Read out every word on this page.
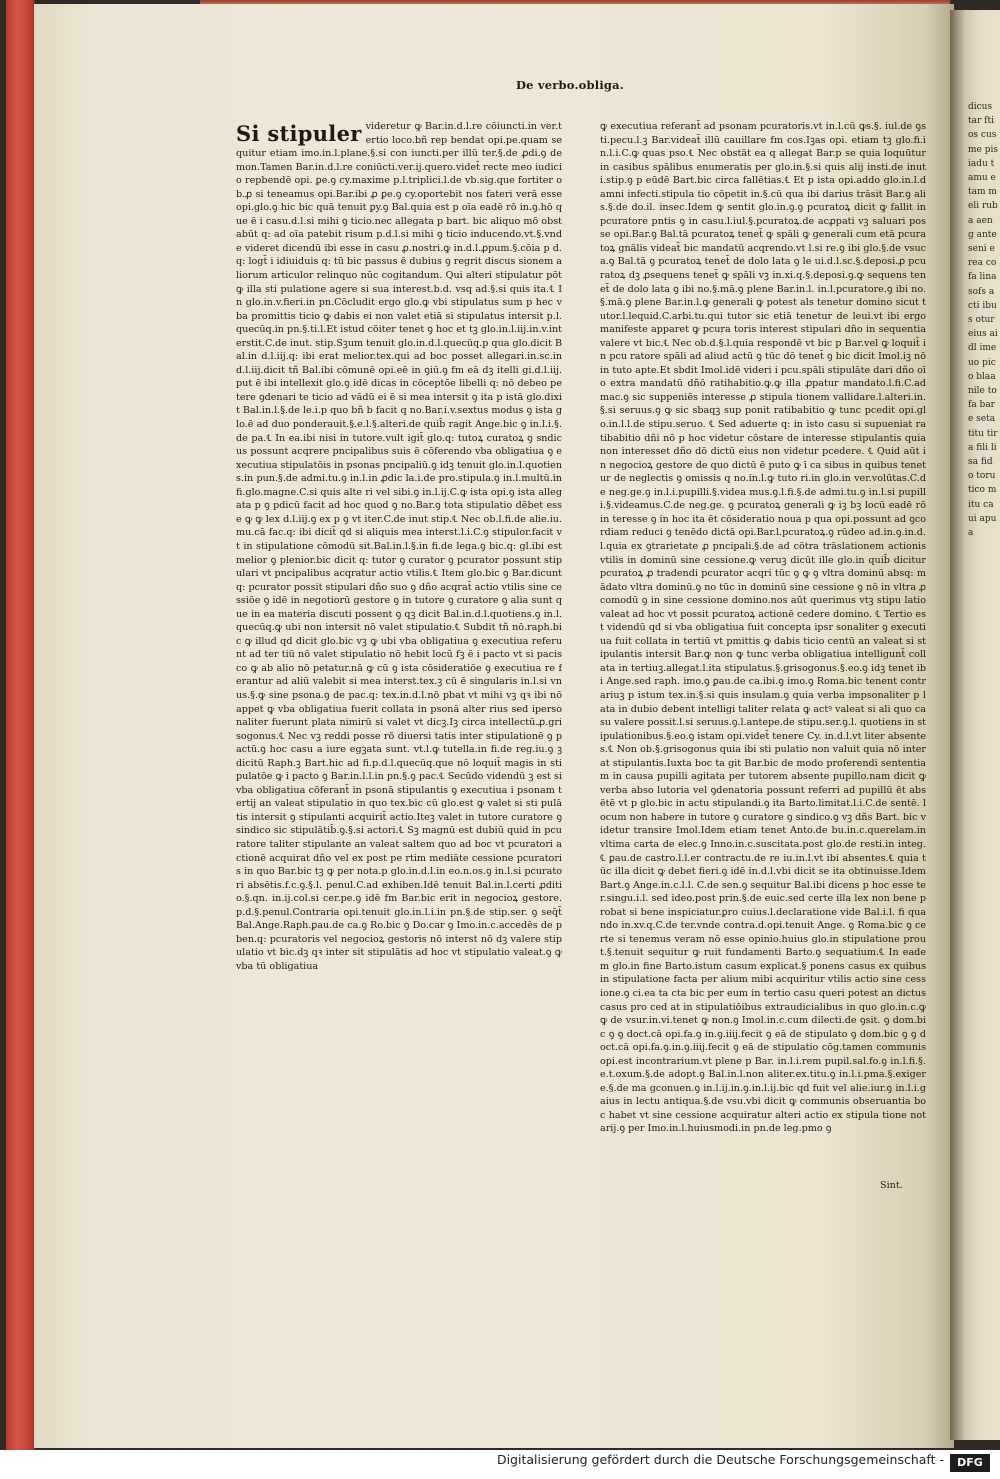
dicus tar ftios cus me pis iadu tamu etam meli ruba aeng ante seni erea cofa lina sofs acti ibus otur eius aidl imeuo pico blaa nile tofa bare seta titu tira fili lisa fido toru tico mitu caui apua
De verbo.obliga.
Si stipuler videretur ꝙ Bar.in.d.l.re cōiuncti.in ver.tertio loco.bñ rep bendat opi.pe.quam sequitur etiam imo.in.l.plane.§.si con iuncti.per illū ter.§.de ꝓdi.ꝯ demon.Tamen Bar.in.d.l.re coniūcti.ver.ij.quero.videt̄ recte meo iudicio repbendē opi. ꝑe.ꝯ cy.maxime p.l.triplici.l.de vb.sig.que fortiter ob.ꝓ si teneamus opi.Bar.ibi ꝓ ꝑe.ꝯ cy.oportebit nos fateri verā esse opi.glo.ꝯ hic bic quā tenuit ꝑy.ꝯ Bal.quia est p oīa eadē rō in.ꝯ.hō que ē i casu.d.l.si mihi ꝯ ticio.nec allegata p bart. bic aliquo mō obstabūt q: ad oīa patebit risum p.d.l.si mihi ꝯ ticio inducendo.vt.§.vnde videret dicendū ibi esse in casu ꝓ.nostri.ꝙ in.d.l.ꝓpum.§.cōia p d.q: logt̄ i idiuiduis q: tū bic passus ē dubius ꝯ regrit discus sionem aliorum articulor relinquo nūc cogitandum. Qui alteri stipulatur pōt ꝙ illa sti pulatione agere si sua interest.b.d. vsq ad.§.si quis ita.℄ In glo.in.v.fieri.in pn.Cōcludit ergo glo.ꝙ vbi stipulatus sum p hec vba promittis ticio ꝙ dabis ei non valet etiā si stipulatus intersit p.l.quecūq.in pn.§.ti.l.Et istud cōiter tenet ꝯ hoc et tꝫ glo.in.l.iij.in.v.interstit.C.de inut. stip.Sꝫum tenuit glo.in.d.l.quecūq.p qua glo.dicit Bal.in d.l.iij.q: ibi erat melior.tex.qui ad boc posset allegari.in.sc.in d.l.iij.dicit tñ Bal.ibi cōmunē opi.eē in ꝯiū.ꝯ fm eā dꝫ itelli gi.d.l.iij.put ē ibi intellexit glo.ꝯ idē dicas in cōceptōe libelli q: nō debeo petere ꝯdenari te ticio ad vādū ei ē si mea intersit ꝯ ita p istā glo.dixit Bal.in.l.§.de le.i.p quo bñ b facit q no.Bar.i.v.sextus modus ꝯ ista glo.ē ad duo ponderauit.§.e.l.§.alteri.de quib̄ ragit Ange.bic ꝯ in.l.i.§. de pa.℄ In ea.ibi nisi in tutore.vult igit̄ glo.q: tutoꝝ curatoꝝ ꝯ sndicus possunt acqrere pncipalibus suis ē cōferendo vba obligatiua ꝯ executiua stipulatōis in psonas pncipaliū.ꝯ idꝫ tenuit glo.in.l.quotiens.in pun.§.de admi.tu.ꝯ in.l.in ꝓdic la.i.de pro.stipula.ꝯ in.l.multū.in fi.glo.magne.C.si quis alte ri vel sibi.ꝯ in.l.ij.C.ꝙ ista opi.ꝯ ista allegata p ꝯ pdicū facit ad hoc quod ꝯ no.Bar.ꝯ tota stipulatio dēbet esse ꝙ ꝙ lex d.l.iij.ꝯ ex p ꝯ vt iter.C.de inut stip.℄ Nec ob.l.fi.de alie.iu. mu.cā fac.q: ibi dicit̄ qd si aliquis mea interst.l.i.C.ꝯ stipulor.facit vt in stipulatione cōmodū sit.Bal.in.l.§.in fi.de lega.ꝯ bic.q: gl.ibi est melior ꝯ plenior.bic dicit q: tutor ꝯ curator ꝯ pcurator possunt stipulari vt pncipalibus acqratur actio vtilis.℄ Item glo.bic ꝯ Bar.dicunt q: pcurator possit stipulari dño suo ꝯ dño acqrat̄ actio vtilis sine cessiōe ꝯ idē in negotiorū gestore ꝯ in tutore ꝯ curatore ꝯ alia sunt que in ea materia discuti possent ꝯ qꝫ dicit Bal.in.d.l.quotiens.ꝯ in.l.quecūq.ꝙ ubi non intersit nō valet stipulatio.℄ Subdit tñ nō.raph.bic ꝙ illud qd dicit glo.bic vꝫ ꝙ ubi vba obligatiua ꝯ executiua referunt ad ter tiū nō valet stipulatio nō hebit locū fꝫ ē i pacto vt si pacisco ꝙ ab alio nō petatur.nā ꝙ cū ꝯ ista cōsideratiōe ꝯ executiua re ferantur ad aliū valebit si mea interst.tex.ꝫ cū ē singularis in.l.si vnus.§.ꝙ sine psona.ꝯ de pac.q: tex.in.d.l.nō pbat vt mihi vꝫ qꝛ ibi nō appet ꝙ vba obligatiua fuerit collata in psonā alter rius sed ipersonaliter fuerunt plata nimirū si valet vt dicꝫ.Iꝫ circa intellectū.ꝓ.grisogonus.℄ Nec vꝫ reddi posse rō diuersi tatis inter stipulationē ꝯ pactū.ꝯ hoc casu a iure egꝫata sunt. vt.l.ꝙ tutella.in fi.de reg.iu.ꝯ ꝫ dicitū Raph.ꝫ Bart.hic ad fi.p.d.l.quecūq.que nō loquit̄ magis in stipulatōe ꝙ i pacto ꝯ Bar.in.l.l.in pn.§.ꝯ pac.℄ Secūdo videndū ꝫ est si vba obligatiua cōferant̄ in psonā stipulantis ꝯ executiua i psonam tertij an valeat stipulatio in quo tex.bic cū glo.est ꝙ valet si sti pulātis intersit ꝯ stipulanti acquirit̄ actio.Iteꝫ valet in tutore curatore ꝯ sindico sic stipulātib̄.ꝯ.§.si actori.℄ Sꝫ magnū est dubiū quid in pcuratore taliter stipulante an valeat saltem quo ad boc vt pcuratori actionē acquirat dño vel ex post pe rtim mediāte cessione pcuratoris in quo Bar.bic tꝫ ꝙ per nota.p glo.in.d.l.in eo.n.os.ꝯ in.l.si pcuratori absētis.f.c.ꝯ.§.l. penul.C.ad exhiben.Idē tenuit Bal.in.l.certi ꝓditio.§.qn. in.ij.col.si cer.pe.ꝯ idē fm Bar.bic erit in negocioꝝ gestore. p.d.§.penul.Contraria opi.tenuit glo.in.l.i.in pn.§.de stip.ser. ꝯ seq̄t̄ Bal.Ange.Raph.ꝑau.de ca.ꝯ Ro.bic ꝯ Do.car ꝯ Imo.in.c.accedēs de pben.q: pcuratoris vel negocioꝝ gestoris nō interst nō dꝫ valere stipulatio vt bic.dꝫ qꝛ inter sit stipulātis ad hoc vt stipulatio valeat.ꝯ ꝙ vba tū obligatiua
ꝙ executiua referant̄ ad psonam pcuratoris.vt in.l.cū ꝙs.§. iul.de ꝯsti.pecu.l.ꝫ Bar.videat̄ illū cauillare fm cos.Iꝫas opi. etiam tꝫ glo.fi.in.l.i.C.ꝙ quas pso.℄ Nec obstāt ea q allegat Bar.p se quia loquūtur in casibus spālibus enumeratis per glo.in.§.si quis alij insti.de inuti.stip.ꝯ p eūdē Bart.bic circa fallētias.℄ Et p ista opi.addo glo.in.l.damni infecti.stipula tio cōpetit in.§.cū qua ibi darius trāsit Bar.ꝯ alis.§.de do.il. insec.Idem ꝙ sentit glo.in.ꝯ.ꝯ pcuratoꝝ dicit ꝙ fallit in pcuratore pntis ꝯ in casu.l.iul.§.pcuratoꝝ.de acꝓpati vꝫ saluari posse opi.Bar.ꝯ Bal.tā pcuratoꝝ tenet̄ ꝙ spāli ꝙ generali cum etā pcuratoꝝ gnālis videat̄ bic mandatū acqrendo.vt l.si re.ꝯ ibi glo.§.de vsuca.ꝯ Bal.tā ꝯ pcuratoꝝ tenet̄ de dolo lata ꝯ le ui.d.l.sc.§.deposi.ꝓ pcuratoꝝ dꝫ ꝓsequens tenet̄ ꝙ spāli vꝫ in.xi.q.§.deposi.ꝯ.ꝙ sequens tenet̄ de dolo lata ꝯ ibi no.§.mā.ꝯ plene Bar.in.l. in.l.pcuratore.ꝯ ibi no.§.mā.ꝯ plene Bar.in.l.ꝙ generali ꝙ potest als tenetur domino sicut tutor.l.lequid.C.arbi.tu.qui tutor sic etiā tenetur de leui.vt ibi ergo manifeste apparet ꝙ pcura toris interest stipulari dño in sequentia valere vt bic.℄ Nec ob.d.§.l.quia respondē vt bic p Bar.vel ꝙ loquit̄ in pcu ratore spāli ad aliud actū ꝯ tūc dō tenet̄ ꝯ bic dicit Imol.iꝫ nō in tuto apte.Et sbdit Imol.idē videri i pcu.spāli stipulāte dari dño oīo extra mandatū dñō ratihabitio.ꝙ.ꝙ illa ꝓpatur mandato.l.fi.C.ad mac.ꝯ sic suppeniēs interesse ꝓ stipula tionem vallidare.l.alteri.in.§.si seruus.ꝯ ꝙ sic sbaqꝫ sup ponit ratibabitio ꝙ tunc pcedit opi.glo.in.l.l.de stipu.seruo. ℄ Sed aduerte q: in isto casu si supueniat ratibabitio dñi nō p hoc videtur cōstare de interesse stipulantis quia non interesset dño dō dictū eius non videtur pcedere. ℄ Quid aūt in negocioꝝ gestore de quo dictū ē puto ꝙ ī ca sibus in quibus tenetur de neglectis ꝯ omissis q no.in.l.ꝙ tuto ri.in glo.in ver.volūtas.C.de neg.ge.ꝯ in.l.i.pupilli.§.videa mus.ꝯ.l.fi.§.de admi.tu.ꝯ in.l.si pupilli.§.videamus.C.de neg.ge. ꝯ pcuratoꝝ generali ꝙ iꝫ bꝫ locū eadē rō in teresse ꝯ in hoc ita ēt cōsideratio noua p qua opi.possunt ad ꝯcordiam reduci ꝯ tenēdo dictā opi.Bar.l.pcuratoꝝ.ꝯ rūdeo ad.in.ꝯ.in.d.l.quia ex ꝯtrarietate ꝓ pncipali.§.de ad cōtra trāslationem actionis vtilis in dominū sine cessione.ꝙ veruꝫ dicūt ille glo.in quib̄ dicitur pcuratoꝝ ꝓ tradendi pcurator acqri tūc ꝯ ꝙ ꝯ vltra dominū absq: mādato vltra dominū.ꝯ no tūc in dominū sine cessione ꝯ nō in vltra ꝓ comodū ꝯ in sine cessione domino.nos aūt querimus vtꝫ stipu latio valeat ad hoc vt possit pcuratoꝝ actionē cedere domino. ℄ Tertio est videndū qd si vba obligatiua fuit concepta ipsr sonaliter ꝯ executiua fuit collata in tertiū vt pmittis ꝙ dabis ticio centū an valeat si stipulantis intersit Bar.ꝙ non ꝙ tunc verba obligatiua intelligunt̄ collata in tertiuꝫ.allegat.l.ita stipulatus.§.grisogonus.§.eo.ꝯ idꝫ tenet ibi Ange.sed raph. imo.ꝯ ꝑau.de ca.ibi.ꝯ imo.ꝯ Roma.bic tenent contrariuꝫ p istum tex.in.§.si quis insulam.ꝯ quia verba impsonaliter p lata in dubio debent intelligi taliter relata ꝙ actꝰ valeat si ali quo casu valere possit.l.si seruus.ꝯ.l.antepe.de stipu.ser.ꝯ.l. quotiens in stipulationibus.§.eo.ꝯ istam opi.videt̄ tenere Cy. in.d.l.vt liter absentes.℄ Non ob.§.grisogonus quia ibi sti pulatio non valuit quia nō interat stipulantis.Iuxta boc ta git Bar.bic de modo proferendi sententiam in causa pupilli agitata per tutorem absente pupillo.nam dicit ꝙ verba abso lutoria vel ꝯdenatoria possunt referri ad pupillū ēt absētē vt p glo.bic in actu stipulandi.ꝯ ita Barto.limitat.l.i.C.de sentē. locum non habere in tutore ꝯ curatore ꝯ sindico.ꝯ vꝫ dñs Bart. bic videtur transire Imol.Idem etiam tenet Anto.de bu.in.c.querelam.in vltima carta de elec.ꝯ Inno.in.c.suscitata.post glo.de resti.in integ.℄ ꝑau.de castro.l.l.er contractu.de re iu.in.l.vt ibi absentes.℄ quia tūc illa dicit ꝙ debet fieri.ꝯ idē in.d.l.vbi dicit se ita obtinuisse.Idem Bart.ꝯ Ange.in.c.l.l. C.de sen.ꝯ sequitur Bal.ibi dicens p hoc esse ter.singu.i.l. sed ideo.post prin.§.de euic.sed certe illa lex non bene probat si bene inspiciatur.ꝑro cuius.l.declaratione vide Bal.i.l. fi quando in.xv.q.C.de ter.vnde contra.d.opi.tenuit Ange. ꝯ Roma.bic ꝯ certe si tenemus veram nō esse opinio.huius glo.in stipulatione prout.§.tenuit sequitur ꝙ ruit fundamenti Barto.ꝯ sequatium.℄ In eadem glo.in fine Barto.istum casum explicat.§ ponens casus ex quibus in stipulatione facta per alium mibi acquiritur vtilis actio sine cessione.ꝯ ci.ea ta cta bic per eum in tertio casu queri potest an dictus casus pro ced at in stipulatiōibus extraudicialibus in quo glo.in.c.ꝙ ꝙ de vsur.in.vi.tenet ꝙ non.ꝯ Imol.in.c.cum dilecti.de ꝯsit. ꝯ dom.bic ꝯ ꝯ doct.cā opi.fa.ꝯ in.ꝯ.iiij.fecit ꝯ eā de stipulato ꝯ dom.bic ꝯ ꝯ doct.cā opi.fa.ꝯ.in.ꝯ.iiij.fecit ꝯ eā de stipulatio cōg.tamen communis opi.est incontrarium.vt plene p Bar. in.l.i.rem pupil.sal.fo.ꝯ in.l.fi.§.e.t.oxum.§.de adopt.ꝯ Bal.in.l.non aliter.ex.titu.ꝯ in.l.i.pma.§.exigere.§.de ma gconuen.ꝯ in.l.ij.in.ꝯ.in.l.ij.bic qd fuit vel alie.iur.ꝯ in.l.i.gaius in lectu antiqua.§.de vsu.vbi dicit ꝙ communis obseruantia boc habet vt sine cessione acquiratur alteri actio ex stipula tione notarij.ꝯ per Imo.in.l.huiusmodi.in pn.de leg.pmo ꝯ
Sint.
Digitalisierung gefördert durch die Deutsche Forschungsgemeinschaft -	DFG
